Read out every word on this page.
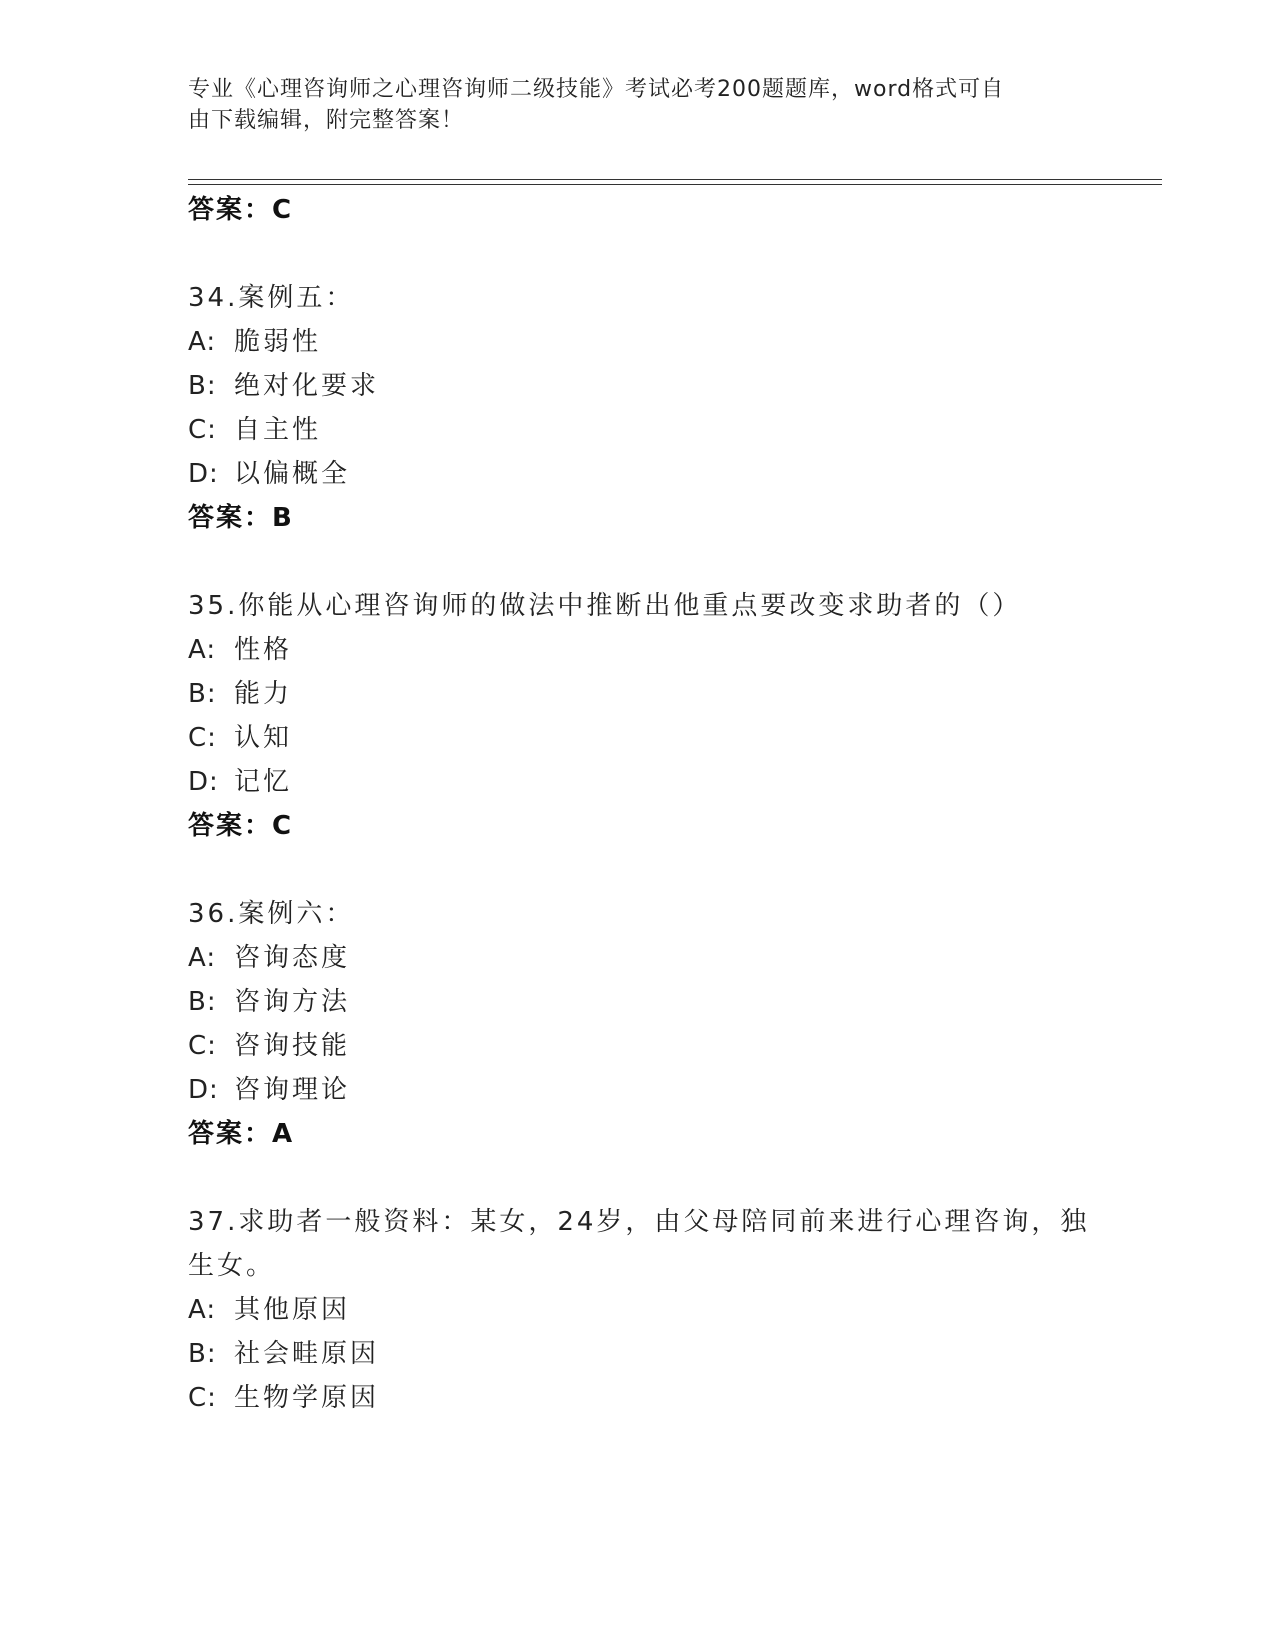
专业《心理咨询师之心理咨询师二级技能》考试必考200题题库，word格式可自
由下载编辑，附完整答案！
答案：C
34.案例五：
A: 脆弱性
B: 绝对化要求
C: 自主性
D: 以偏概全
答案：B
35.你能从心理咨询师的做法中推断出他重点要改变求助者的（）
A: 性格
B: 能力
C: 认知
D: 记忆
答案：C
36.案例六：
A: 咨询态度
B: 咨询方法
C: 咨询技能
D: 咨询理论
答案：A
37.求助者一般资料：某女，24岁，由父母陪同前来进行心理咨询，独
生女。
A: 其他原因
B: 社会畦原因
C: 生物学原因
